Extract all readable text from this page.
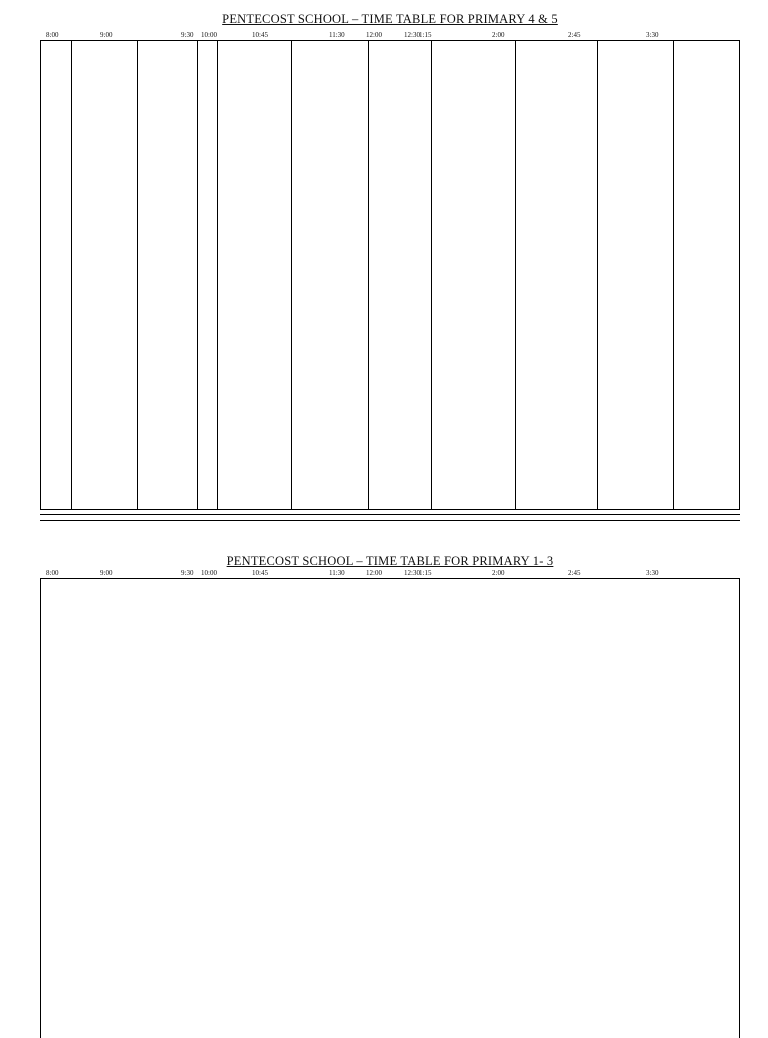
PENTECOST SCHOOL – TIME TABLE FOR PRIMARY 4 & 5
8:00	9:00	9:30 10:00	10:45	11:30	12:00	12:30 1:15	2:00	2:45	3:30
PENTECOST SCHOOL – TIME TABLE FOR PRIMARY 1- 3
8:00	9:00	9:30 10:00	10:45	11:30	12:00	12:30 1:15	2:00	2:45	3:30
